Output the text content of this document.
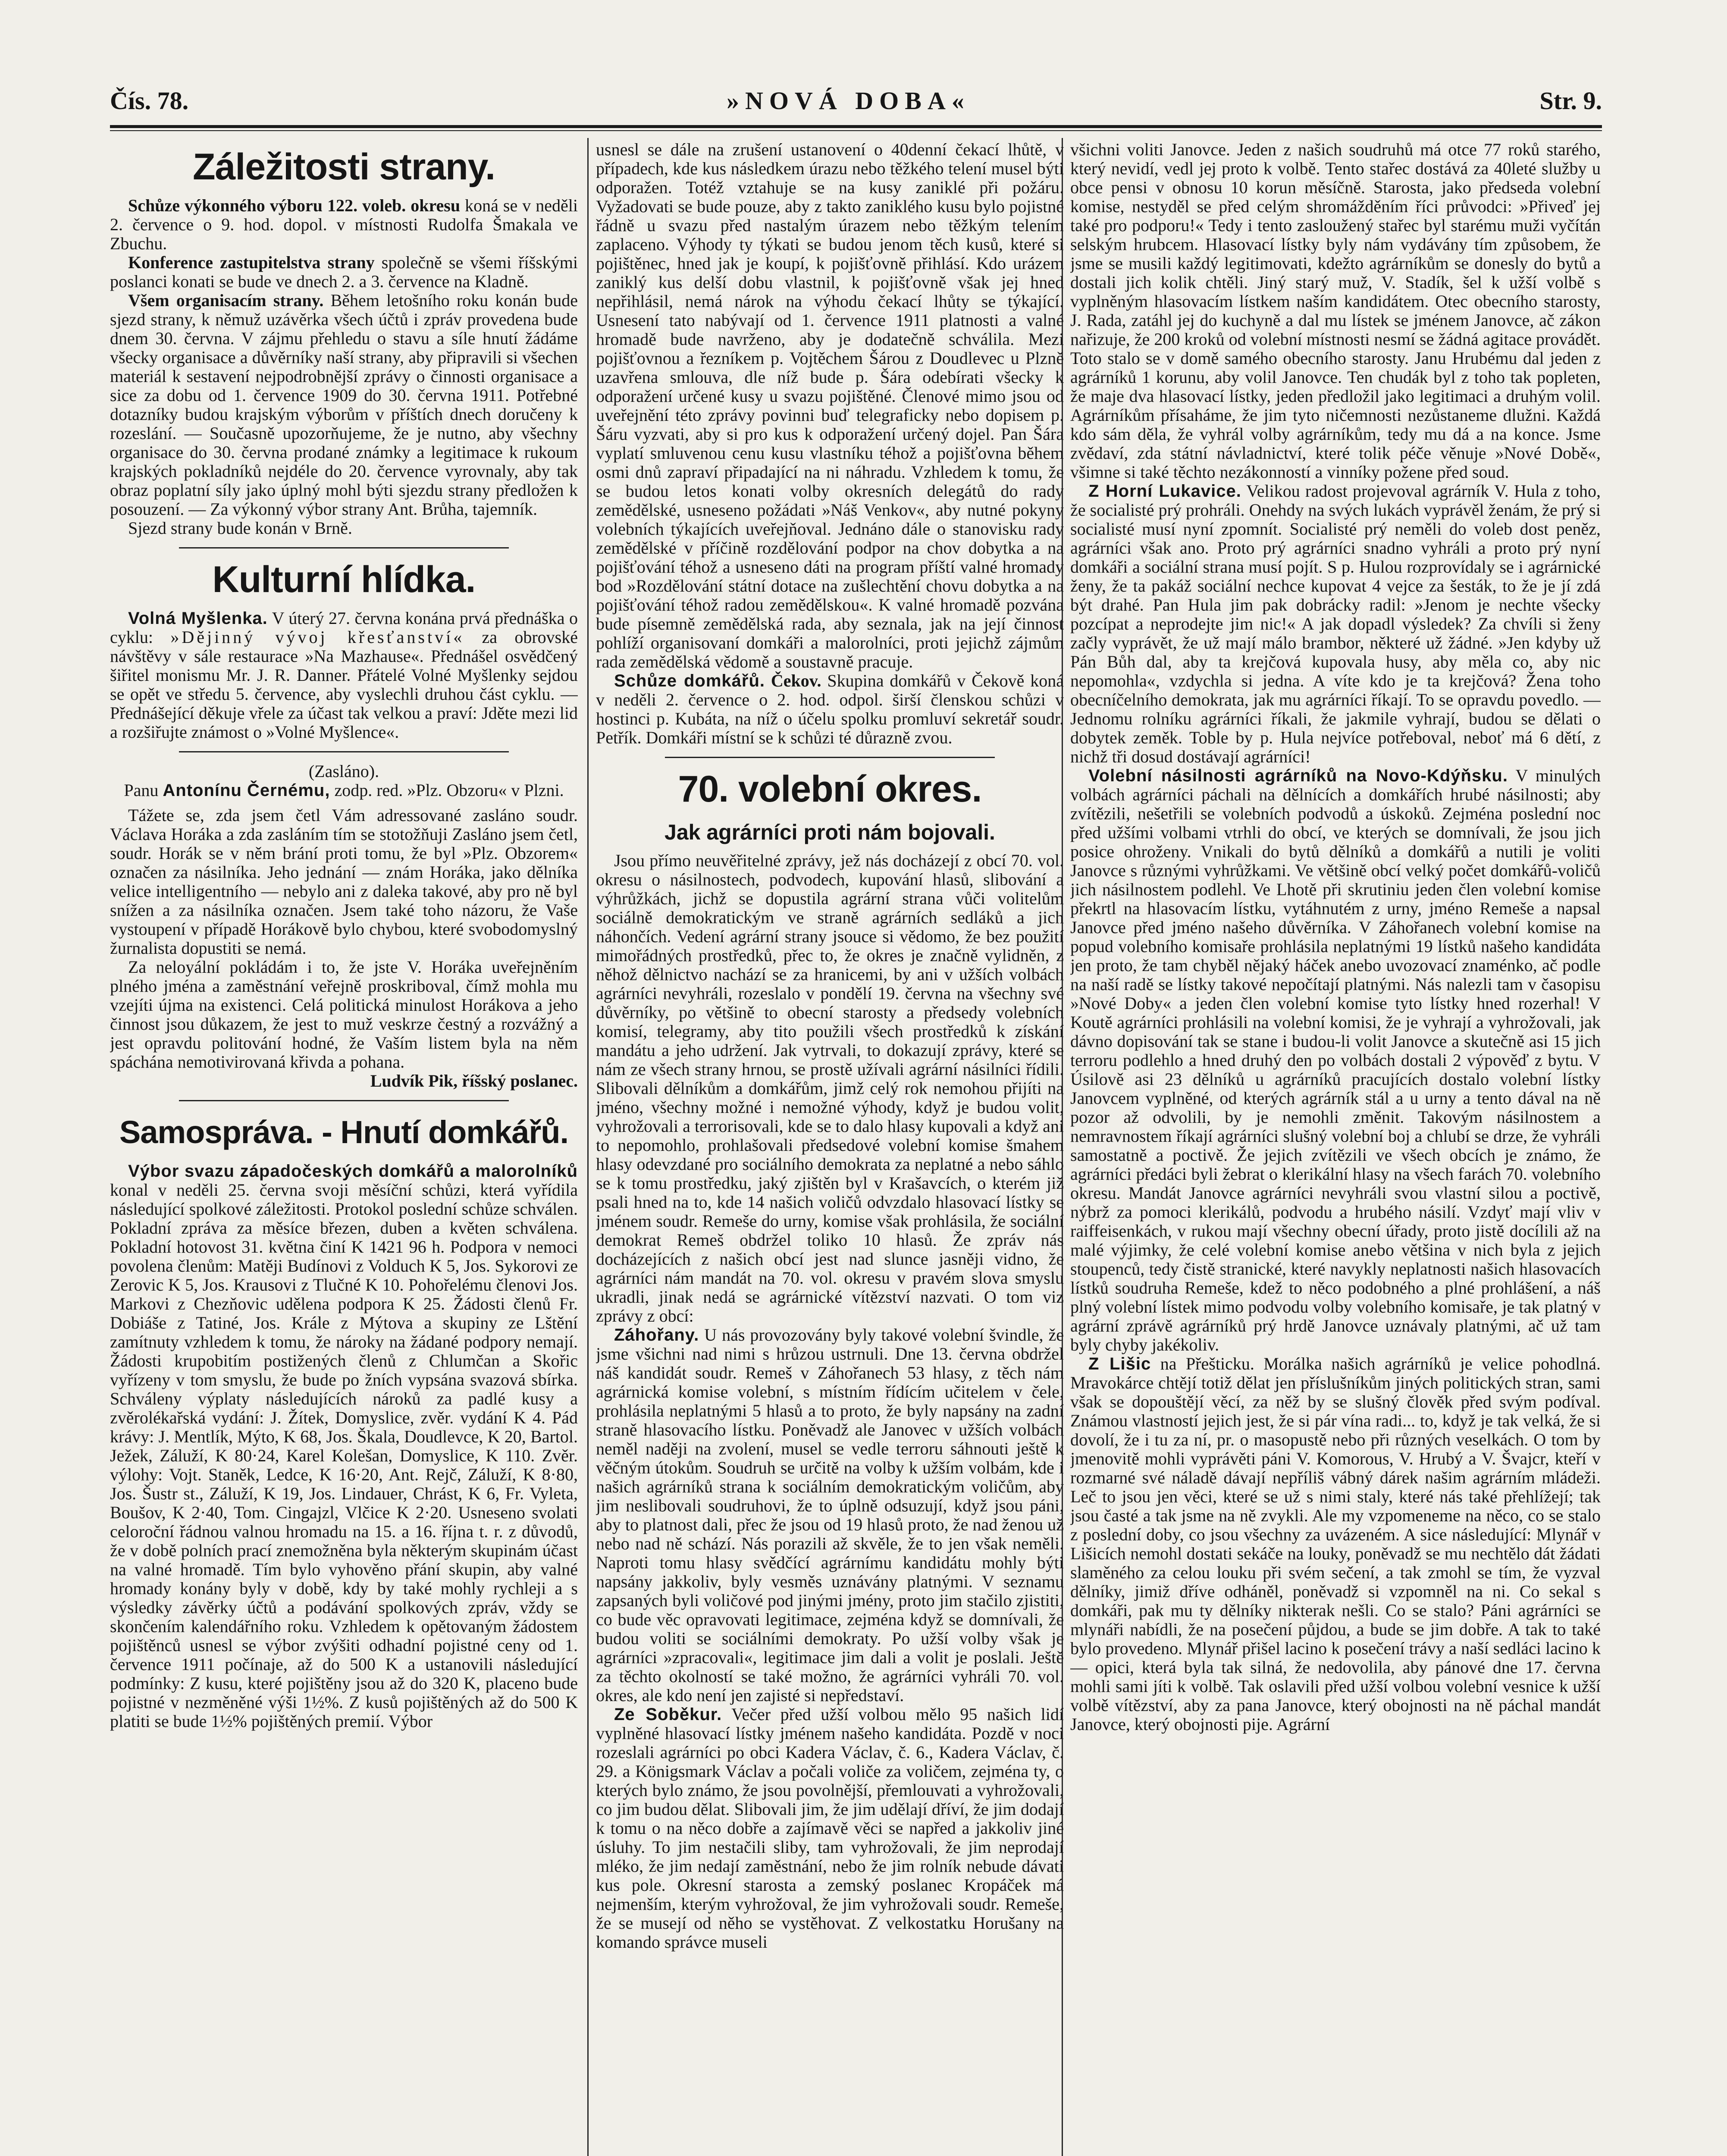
Čís. 78.	»NOVÁ DOBA«	Str. 9.
Záležitosti strany.

Schůze výkonného výboru 122. voleb. okresu koná se v neděli 2. července o 9. hod. dopol. v místnosti Rudolfa Šmakala ve Zbuchu.

Konference zastupitelstva strany společně se všemi říšskými poslanci konati se bude ve dnech 2. a 3. července na Kladně.

Všem organisacím strany. Během letošního roku konán bude sjezd strany, k němuž uzávěrka všech účtů i zpráv provedena bude dnem 30. června. V zájmu přehledu o stavu a síle hnutí žádáme všecky organisace a důvěrníky naší strany, aby připravili si všechen materiál k sestavení nejpodrobnější zprávy o činnosti organisace a sice za dobu od 1. července 1909 do 30. června 1911. Potřebné dotazníky budou krajským výborům v příštích dnech doručeny k rozeslání. — Současně upozorňujeme, že je nutno, aby všechny organisace do 30. června prodané známky a legitimace k rukoum krajských pokladníků nejdéle do 20. července vyrovnaly, aby tak obraz poplatní síly jako úplný mohl býti sjezdu strany předložen k posouzení. — Za výkonný výbor strany Ant. Brůha, tajemník.

Sjezd strany bude konán v Brně.

Kulturní hlídka.

Volná Myšlenka. V úterý 27. června konána prvá přednáška o cyklu: »Dějinný vývoj křesťanství« za obrovské návštěvy v sále restaurace »Na Mazhause«. Přednášel osvědčený šiřitel monismu Mr. J. R. Danner. Přátelé Volné Myšlenky sejdou se opět ve středu 5. července, aby vyslechli druhou část cyklu. — Přednášející děkuje vřele za účast tak velkou a praví: Jděte mezi lid a rozšiřujte známost o »Volné Myšlence«.

(Zasláno).

Panu Antonínu Černému, zodp. red. »Plz. Obzoru« v Plzni.

Tážete se, zda jsem četl Vám adressované zasláno soudr. Václava Horáka a zda zasláním tím se stotožňuji Zasláno jsem četl, soudr. Horák se v něm brání proti tomu, že byl »Plz. Obzorem« označen za násilníka. Jeho jednání — znám Horáka, jako dělníka velice intelligentního — nebylo ani z daleka takové, aby pro ně byl snížen a za násilníka označen. Jsem také toho názoru, že Vaše vystoupení v případě Horákově bylo chybou, které svobodomyslný žurnalista dopustiti se nemá.

Za neloyální pokládám i to, že jste V. Horáka uveřejněním plného jména a zaměstnání veřejně proskriboval, čímž mohla mu vzejíti újma na existenci. Celá politická minulost Horákova a jeho činnost jsou důkazem, že jest to muž veskrze čestný a rozvážný a jest opravdu politování hodné, že Vaším listem byla na něm spáchána nemotivirovaná křivda a pohana.

Ludvík Pik, říšský poslanec.

Samospráva. - Hnutí domkářů.

Výbor svazu západočeských domkářů a malorolníků konal v neděli 25. června svoji měsíční schůzi, která vyřídila následující spolkové záležitosti. Protokol poslední schůze schválen. Pokladní zpráva za měsíce březen, duben a květen schválena. Pokladní hotovost 31. května činí K 1421 96 h. Podpora v nemoci povolena členům: Matěji Budínovi z Volduch K 5, Jos. Sykorovi ze Zerovic K 5, Jos. Krausovi z Tlučné K 10. Pohořelému členovi Jos. Markovi z Chezňovic udělena podpora K 25. Žádosti členů Fr. Dobiáše z Tatiné, Jos. Krále z Mýtova a skupiny ze Lštění zamítnuty vzhledem k tomu, že nároky na žádané podpory nemají. Žádosti krupobitím postižených členů z Chlumčan a Skořic vyřízeny v tom smyslu, že bude po žních vypsána svazová sbírka. Schváleny výplaty následujících nároků za padlé kusy a zvěrolékařská vydání: J. Žítek, Domyslice, zvěr. vydání K 4. Pád krávy: J. Mentlík, Mýto, K 68, Jos. Škala, Doudlevce, K 20, Bartol. Ježek, Záluží, K 80·24, Karel Kolešan, Domyslice, K 110. Zvěr. výlohy: Vojt. Staněk, Ledce, K 16·20, Ant. Rejč, Záluží, K 8·80, Jos. Šustr st., Záluží, K 19, Jos. Lindauer, Chrást, K 6, Fr. Vyleta, Boušov, K 2·40, Tom. Cingajzl, Vlčice K 2·20. Usneseno svolati celoroční řádnou valnou hromadu na 15. a 16. října t. r. z důvodů, že v době polních prací znemožněna byla některým skupinám účast na valné hromadě. Tím bylo vyhověno přání skupin, aby valné hromady konány byly v době, kdy by také mohly rychleji a s výsledky závěrky účtů a podávání spolkových zpráv, vždy se skončením kalendářního roku. Vzhledem k opětovaným žádostem pojištěnců usnesl se výbor zvýšiti odhadní pojistné ceny od 1. července 1911 počínaje, až do 500 K a ustanovili následující podmínky: Z kusu, které pojištěny jsou až do 320 K, placeno bude pojistné v nezměněné výši 1½%. Z kusů pojištěných až do 500 K platiti se bude 1½% pojištěných premií. Výbor

usnesl se dále na zrušení ustanovení o 40denní čekací lhůtě, v případech, kde kus následkem úrazu nebo těžkého telení musel býti odporažen. Totéž vztahuje se na kusy zaniklé při požáru. Vyžadovati se bude pouze, aby z takto zaniklého kusu bylo pojistné řádně u svazu před nastalým úrazem nebo těžkým telením zaplaceno. Výhody ty týkati se budou jenom těch kusů, které si pojištěnec, hned jak je koupí, k pojišťovně přihlásí. Kdo urázem zaniklý kus delší dobu vlastnil, k pojišťovně však jej hned nepřihlásil, nemá nárok na výhodu čekací lhůty se týkající. Usnesení tato nabývají od 1. července 1911 platnosti a valné hromadě bude navrženo, aby je dodatečně schválila. Mezi pojišťovnou a řezníkem p. Vojtěchem Šárou z Doudlevec u Plzně uzavřena smlouva, dle níž bude p. Šára odebírati všecky k odporažení určené kusy u svazu pojištěné. Členové mimo jsou od uveřejnění této zprávy povinni buď telegraficky nebo dopisem p. Šáru vyzvati, aby si pro kus k odporažení určený dojel. Pan Šára vyplatí smluvenou cenu kusu vlastníku téhož a pojišťovna během osmi dnů zapraví připadající na ni náhradu. Vzhledem k tomu, že se budou letos konati volby okresních delegátů do rady zemědělské, usneseno požádati »Náš Venkov«, aby nutné pokyny volebních týkajících uveřejňoval. Jednáno dále o stanovisku rady zemědělské v příčině rozdělování podpor na chov dobytka a na pojišťování téhož a usneseno dáti na program příští valné hromady bod »Rozdělování státní dotace na zušlechtění chovu dobytka a na pojišťování téhož radou zemědělskou«. K valné hromadě pozvána bude písemně zemědělská rada, aby seznala, jak na její činnost pohlíží organisovaní domkáři a malorolníci, proti jejichž zájmům rada zemědělská vědomě a soustavně pracuje.

Schůze domkářů. Čekov. Skupina domkářů v Čekově koná v neděli 2. července o 2. hod. odpol. širší členskou schůzi v hostinci p. Kubáta, na níž o účelu spolku promluví sekretář soudr. Petřík. Domkáři místní se k schůzi té důrazně zvou.

70. volební okres.
Jak agrárníci proti nám bojovali.

Jsou přímo neuvěřitelné zprávy, jež nás docházejí z obcí 70. vol. okresu o násilnostech, podvodech, kupování hlasů, slibování a výhrůžkách, jichž se dopustila agrární strana vůči volitelům sociálně demokratickým ve straně agrárních sedláků a jich náhončích. Vedení agrární strany jsouce si vědomo, že bez použití mimořádných prostředků, přec to, že okres je značně vylidněn, z něhož dělnictvo nachází se za hranicemi, by ani v užších volbách agrárníci nevyhráli, rozeslalo v pondělí 19. června na všechny své důvěrníky, po většině to obecní starosty a předsedy volebních komisí, telegramy, aby tito použili všech prostředků k získání mandátu a jeho udržení. Jak vytrvali, to dokazují zprávy, které se nám ze všech strany hrnou, se prostě užívali agrární násilníci řídili. Slibovali dělníkům a domkářům, jimž celý rok nemohou přijíti na jméno, všechny možné i nemožné výhody, když je budou volit, vyhrožovali a terrorisovali, kde se to dalo hlasy kupovali a když ani to nepomohlo, prohlašovali předsedové volební komise šmahem hlasy odevzdané pro sociálního demokrata za neplatné a nebo sáhlo se k tomu prostředku, jaký zjištěn byl v Krašavcích, o kterém již psali hned na to, kde 14 našich voličů odvzdalo hlasovací lístky se jménem soudr. Remeše do urny, komise však prohlásila, že sociální demokrat Remeš obdržel toliko 10 hlasů. Že zpráv nás docházejících z našich obcí jest nad slunce jasněji vidno, že agrárníci nám mandát na 70. vol. okresu v pravém slova smyslu ukradli, jinak nedá se agrárnické vítězství nazvati. O tom viz zprávy z obcí:

Záhořany. U nás provozovány byly takové volební švindle, že jsme všichni nad nimi s hrůzou ustrnuli. Dne 13. června obdržel náš kandidát soudr. Remeš v Záhořanech 53 hlasy, z těch nám agrárnická komise volební, s místním řídícím učitelem v čele, prohlásila neplatnými 5 hlasů a to proto, že byly napsány na zadní straně hlasovacího lístku. Poněvadž ale Janovec v užších volbách neměl naději na zvolení, musel se vedle terroru sáhnouti ještě k věčným útokům. Soudruh se určitě na volby k užším volbám, kde i našich agrárníků strana k sociálním demokratickým voličům, aby jim neslibovali soudruhovi, že to úplně odsuzují, když jsou páni, aby to platnost dali, přec že jsou od 19 hlasů proto, že nad ženou už nebo nad ně schází. Nás porazili až skvěle, že to jen však neměli. Naproti tomu hlasy svědčící agrárnímu kandidátu mohly býti napsány jakkoliv, byly vesměs uznávány platnými. V seznamu zapsaných byli voličové pod jinými jmény, proto jim stačilo zjistiti, co bude věc opravovati legitimace, zejména když se domnívali, že budou voliti se sociálními demokraty. Po užší volby však je agrárníci »zpracovali«, legitimace jim dali a volit je poslali. Ještě za těchto okolností se také možno, že agrárníci vyhráli 70. vol. okres, ale kdo není jen zajisté si nepředstaví.

Ze Soběkur. Večer před užší volbou mělo 95 našich lidí vyplněné hlasovací lístky jménem našeho kandidáta. Pozdě v noci rozeslali agrárníci po obci Kadera Václav, č. 6., Kadera Václav, č. 29. a Königsmark Václav a počali voliče za voličem, zejména ty, o kterých bylo známo, že jsou povolnější, přemlouvati a vyhrožovali, co jim budou dělat. Slibovali jim, že jim udělají dříví, že jim dodají k tomu o na něco dobře a zajímavě věci se napřed a jakkoliv jiné úsluhy. To jim nestačili sliby, tam vyhrožovali, že jim neprodají mléko, že jim nedají zaměstnání, nebo že jim rolník nebude dávati kus pole. Okresní starosta a zemský poslanec Kropáček má nejmenším, kterým vyhrožoval, že jim vyhrožovali soudr. Remeše, že se musejí od něho se vystěhovat. Z velkostatku Horušany na komando správce museli

všichni voliti Janovce. Jeden z našich soudruhů má otce 77 roků starého, který nevidí, vedl jej proto k volbě. Tento stařec dostává za 40leté služby u obce pensi v obnosu 10 korun měsíčně. Starosta, jako předseda volební komise, nestyděl se před celým shromážděním říci průvodci: »Přiveď jej také pro podporu!« Tedy i tento zasloužený stařec byl starému muži vyčítán selským hrubcem. Hlasovací lístky byly nám vydávány tím způsobem, že jsme se musili každý legitimovati, kdežto agrárníkům se donesly do bytů a dostali jich kolik chtěli. Jiný starý muž, V. Stadík, šel k užší volbě s vyplněným hlasovacím lístkem naším kandidátem. Otec obecního starosty, J. Rada, zatáhl jej do kuchyně a dal mu lístek se jménem Janovce, ač zákon nařizuje, že 200 kroků od volební místnosti nesmí se žádná agitace provádět. Toto stalo se v domě samého obecního starosty. Janu Hrubému dal jeden z agrárníků 1 korunu, aby volil Janovce. Ten chudák byl z toho tak popleten, že maje dva hlasovací lístky, jeden předložil jako legitimaci a druhým volil. Agrárníkům přísaháme, že jim tyto ničemnosti nezůstaneme dlužni. Každá kdo sám děla, že vyhrál volby agrárníkům, tedy mu dá a na konce. Jsme zvědaví, zda státní návladnictví, které tolik péče věnuje »Nové Době«, všimne si také těchto nezákonností a vinníky požene před soud.

Z Horní Lukavice. Velikou radost projevoval agrárník V. Hula z toho, že socialisté prý prohráli. Onehdy na svých lukách vyprávěl ženám, že prý si socialisté musí nyní zpomnít. Socialisté prý neměli do voleb dost peněz, agrárníci však ano. Proto prý agrárníci snadno vyhráli a proto prý nyní domkáři a sociální strana musí pojít. S p. Hulou rozprovídaly se i agrárnické ženy, že ta pakáž sociální nechce kupovat 4 vejce za šesták, to že je jí zdá být drahé. Pan Hula jim pak dobrácky radil: »Jenom je nechte všecky pozcípat a neprodejte jim nic!« A jak dopadl výsledek? Za chvíli si ženy začly vyprávět, že už mají málo brambor, některé už žádné. »Jen kdyby už Pán Bůh dal, aby ta krejčová kupovala husy, aby měla co, aby nic nepomohla«, vzdychla si jedna. A víte kdo je ta krejčová? Žena toho obecníčelního demokrata, jak mu agrárníci říkají. To se opravdu povedlo. — Jednomu rolníku agrárníci říkali, že jakmile vyhrají, budou se dělati o dobytek zeměk. Toble by p. Hula nejvíce potřeboval, neboť má 6 dětí, z nichž tři dosud dostávají agrárníci!

Volební násilnosti agrárníků na Novo-Kdýňsku. V minulých volbách agrárníci páchali na dělnících a domkářích hrubé násilnosti; aby zvítězili, nešetřili se volebních podvodů a úskoků. Zejména poslední noc před užšími volbami vtrhli do obcí, ve kterých se domnívali, že jsou jich posice ohroženy. Vnikali do bytů dělníků a domkářů a nutili je voliti Janovce s různými vyhrůžkami. Ve většině obcí velký počet domkářů-voličů jich násilnostem podlehl. Ve Lhotě při skrutiniu jeden člen volební komise překrtl na hlasovacím lístku, vytáhnutém z urny, jméno Remeše a napsal Janovce před jméno našeho důvěrníka. V Záhořanech volební komise na popud volebního komisaře prohlásila neplatnými 19 lístků našeho kandidáta jen proto, že tam chyběl nějaký háček anebo uvozovací znaménko, ač podle na naší radě se lístky takové nepočítají platnými. Nás nalezli tam v časopisu »Nové Doby« a jeden člen volební komise tyto lístky hned rozerhal! V Koutě agrárníci prohlásili na volební komisi, že je vyhrají a vyhrožovali, jak dávno dopisování tak se stane i budou-li volit Janovce a skutečně asi 15 jich terroru podlehlo a hned druhý den po volbách dostali 2 výpověď z bytu. V Úsilově asi 23 dělníků u agrárníků pracujících dostalo volební lístky Janovcem vyplněné, od kterých agrárník stál a u urny a tento dával na ně pozor až odvolili, by je nemohli změnit. Takovým násilnostem a nemravnostem říkají agrárníci slušný volební boj a chlubí se drze, že vyhráli samostatně a poctivě. Že jejich zvítězili ve všech obcích je známo, že agrárníci předáci byli žebrat o klerikální hlasy na všech farách 70. volebního okresu. Mandát Janovce agrárníci nevyhráli svou vlastní silou a poctivě, nýbrž za pomoci klerikálů, podvodu a hrubého násilí. Vzdyť mají vliv v raiffeisenkách, v rukou mají všechny obecní úřady, proto jistě docílili až na malé výjimky, že celé volební komise anebo většina v nich byla z jejich stoupenců, tedy čistě stranické, které navykly neplatnosti našich hlasovacích lístků soudruha Remeše, kdež to něco podobného a plné prohlášení, a náš plný volební lístek mimo podvodu volby volebního komisaře, je tak platný v agrární zprávě agrárníků prý hrdě Janovce uznávaly platnými, ač už tam byly chyby jakékoliv.

Z Lišic na Přešticku. Morálka našich agrárníků je velice pohodlná. Mravokárce chtějí totiž dělat jen příslušníkům jiných politických stran, sami však se dopouštějí věcí, za něž by se slušný člověk před svým podíval. Známou vlastností jejich jest, že si pár vína radi... to, když je tak velká, že si dovolí, že i tu za ní, pr. o masopustě nebo při různých veselkách. O tom by jmenovitě mohli vyprávěti páni V. Komorous, V. Hrubý a V. Švajcr, kteří v rozmarné své náladě dávají nepříliš vábný dárek našim agrárním mládeži. Leč to jsou jen věci, které se už s nimi staly, které nás také přehlížejí; tak jsou časté a tak jsme na ně zvykli. Ale my vzpomeneme na něco, co se stalo z poslední doby, co jsou všechny za uvázeném. A sice následující: Mlynář v Lišicích nemohl dostati sekáče na louky, poněvadž se mu nechtělo dát žádati slaměného za celou louku při svém sečení, a tak zmohl se tím, že vyzval dělníky, jimiž dříve odháněl, poněvadž si vzpomněl na ni. Co sekal s domkáři, pak mu ty dělníky nikterak nešli. Co se stalo? Páni agrárníci se mlynáři nabídli, že na posečení půjdou, a bude se jim dobře. A tak to také bylo provedeno. Mlynář přišel lacino k posečení trávy a naší sedláci lacino k — opici, která byla tak silná, že nedovolila, aby pánové dne 17. června mohli sami jíti k volbě. Tak oslavili před užší volbou volební vesnice k užší volbě vítězství, aby za pana Janovce, který obojnosti na ně páchal mandát Janovce, který obojnosti pije. Agrární
